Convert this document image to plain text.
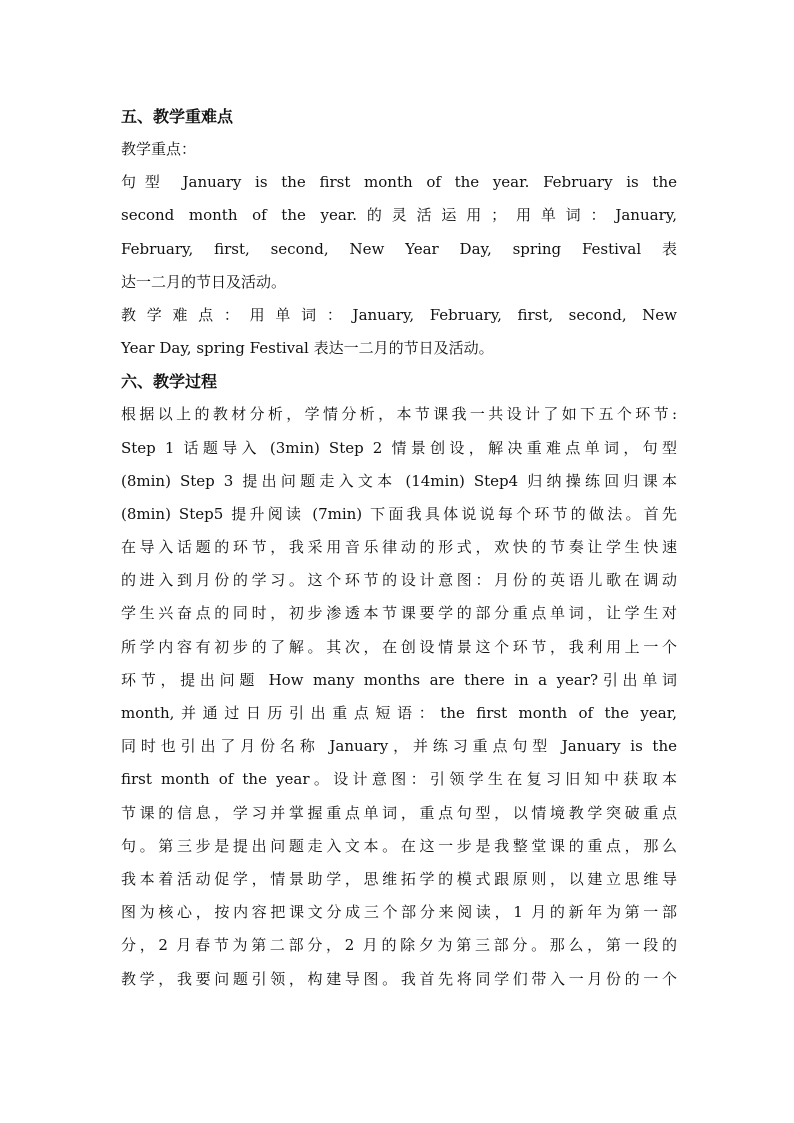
五、教学重难点
教学重点：
句型 January is the first month of the year. February is the
second month of the year.的灵活运用；用单词：January,
February, first, second, New Year Day, spring Festival 表
达一二月的节日及活动。
教学难点：用单词：January, February, first, second, New
Year Day, spring Festival 表达一二月的节日及活动。
六、教学过程
根据以上的教材分析，学情分析，本节课我一共设计了如下五个环节:
Step 1 话题导入 (3min) Step 2 情景创设，解决重难点单词，句型
(8min) Step 3 提出问题走入文本 (14min) Step4 归纳操练回归课本
(8min) Step5 提升阅读 (7min) 下面我具体说说每个环节的做法。首先
在导入话题的环节，我采用音乐律动的形式，欢快的节奏让学生快速
的进入到月份的学习。这个环节的设计意图：月份的英语儿歌在调动
学生兴奋点的同时，初步渗透本节课要学的部分重点单词，让学生对
所学内容有初步的了解。其次，在创设情景这个环节，我利用上一个
环节，提出问题 How many months are there in a year?引出单词
month,并通过日历引出重点短语：the first month of the year,
同时也引出了月份名称 January，并练习重点句型 January is the
first month of the year。设计意图：引领学生在复习旧知中获取本
节课的信息，学习并掌握重点单词，重点句型，以情境教学突破重点
句。第三步是提出问题走入文本。在这一步是我整堂课的重点，那么
我本着活动促学，情景助学，思维拓学的模式跟原则，以建立思维导
图为核心，按内容把课文分成三个部分来阅读，1 月的新年为第一部
分，2 月春节为第二部分，2 月的除夕为第三部分。那么，第一段的
教学，我要问题引领，构建导图。我首先将同学们带入一月份的一个
